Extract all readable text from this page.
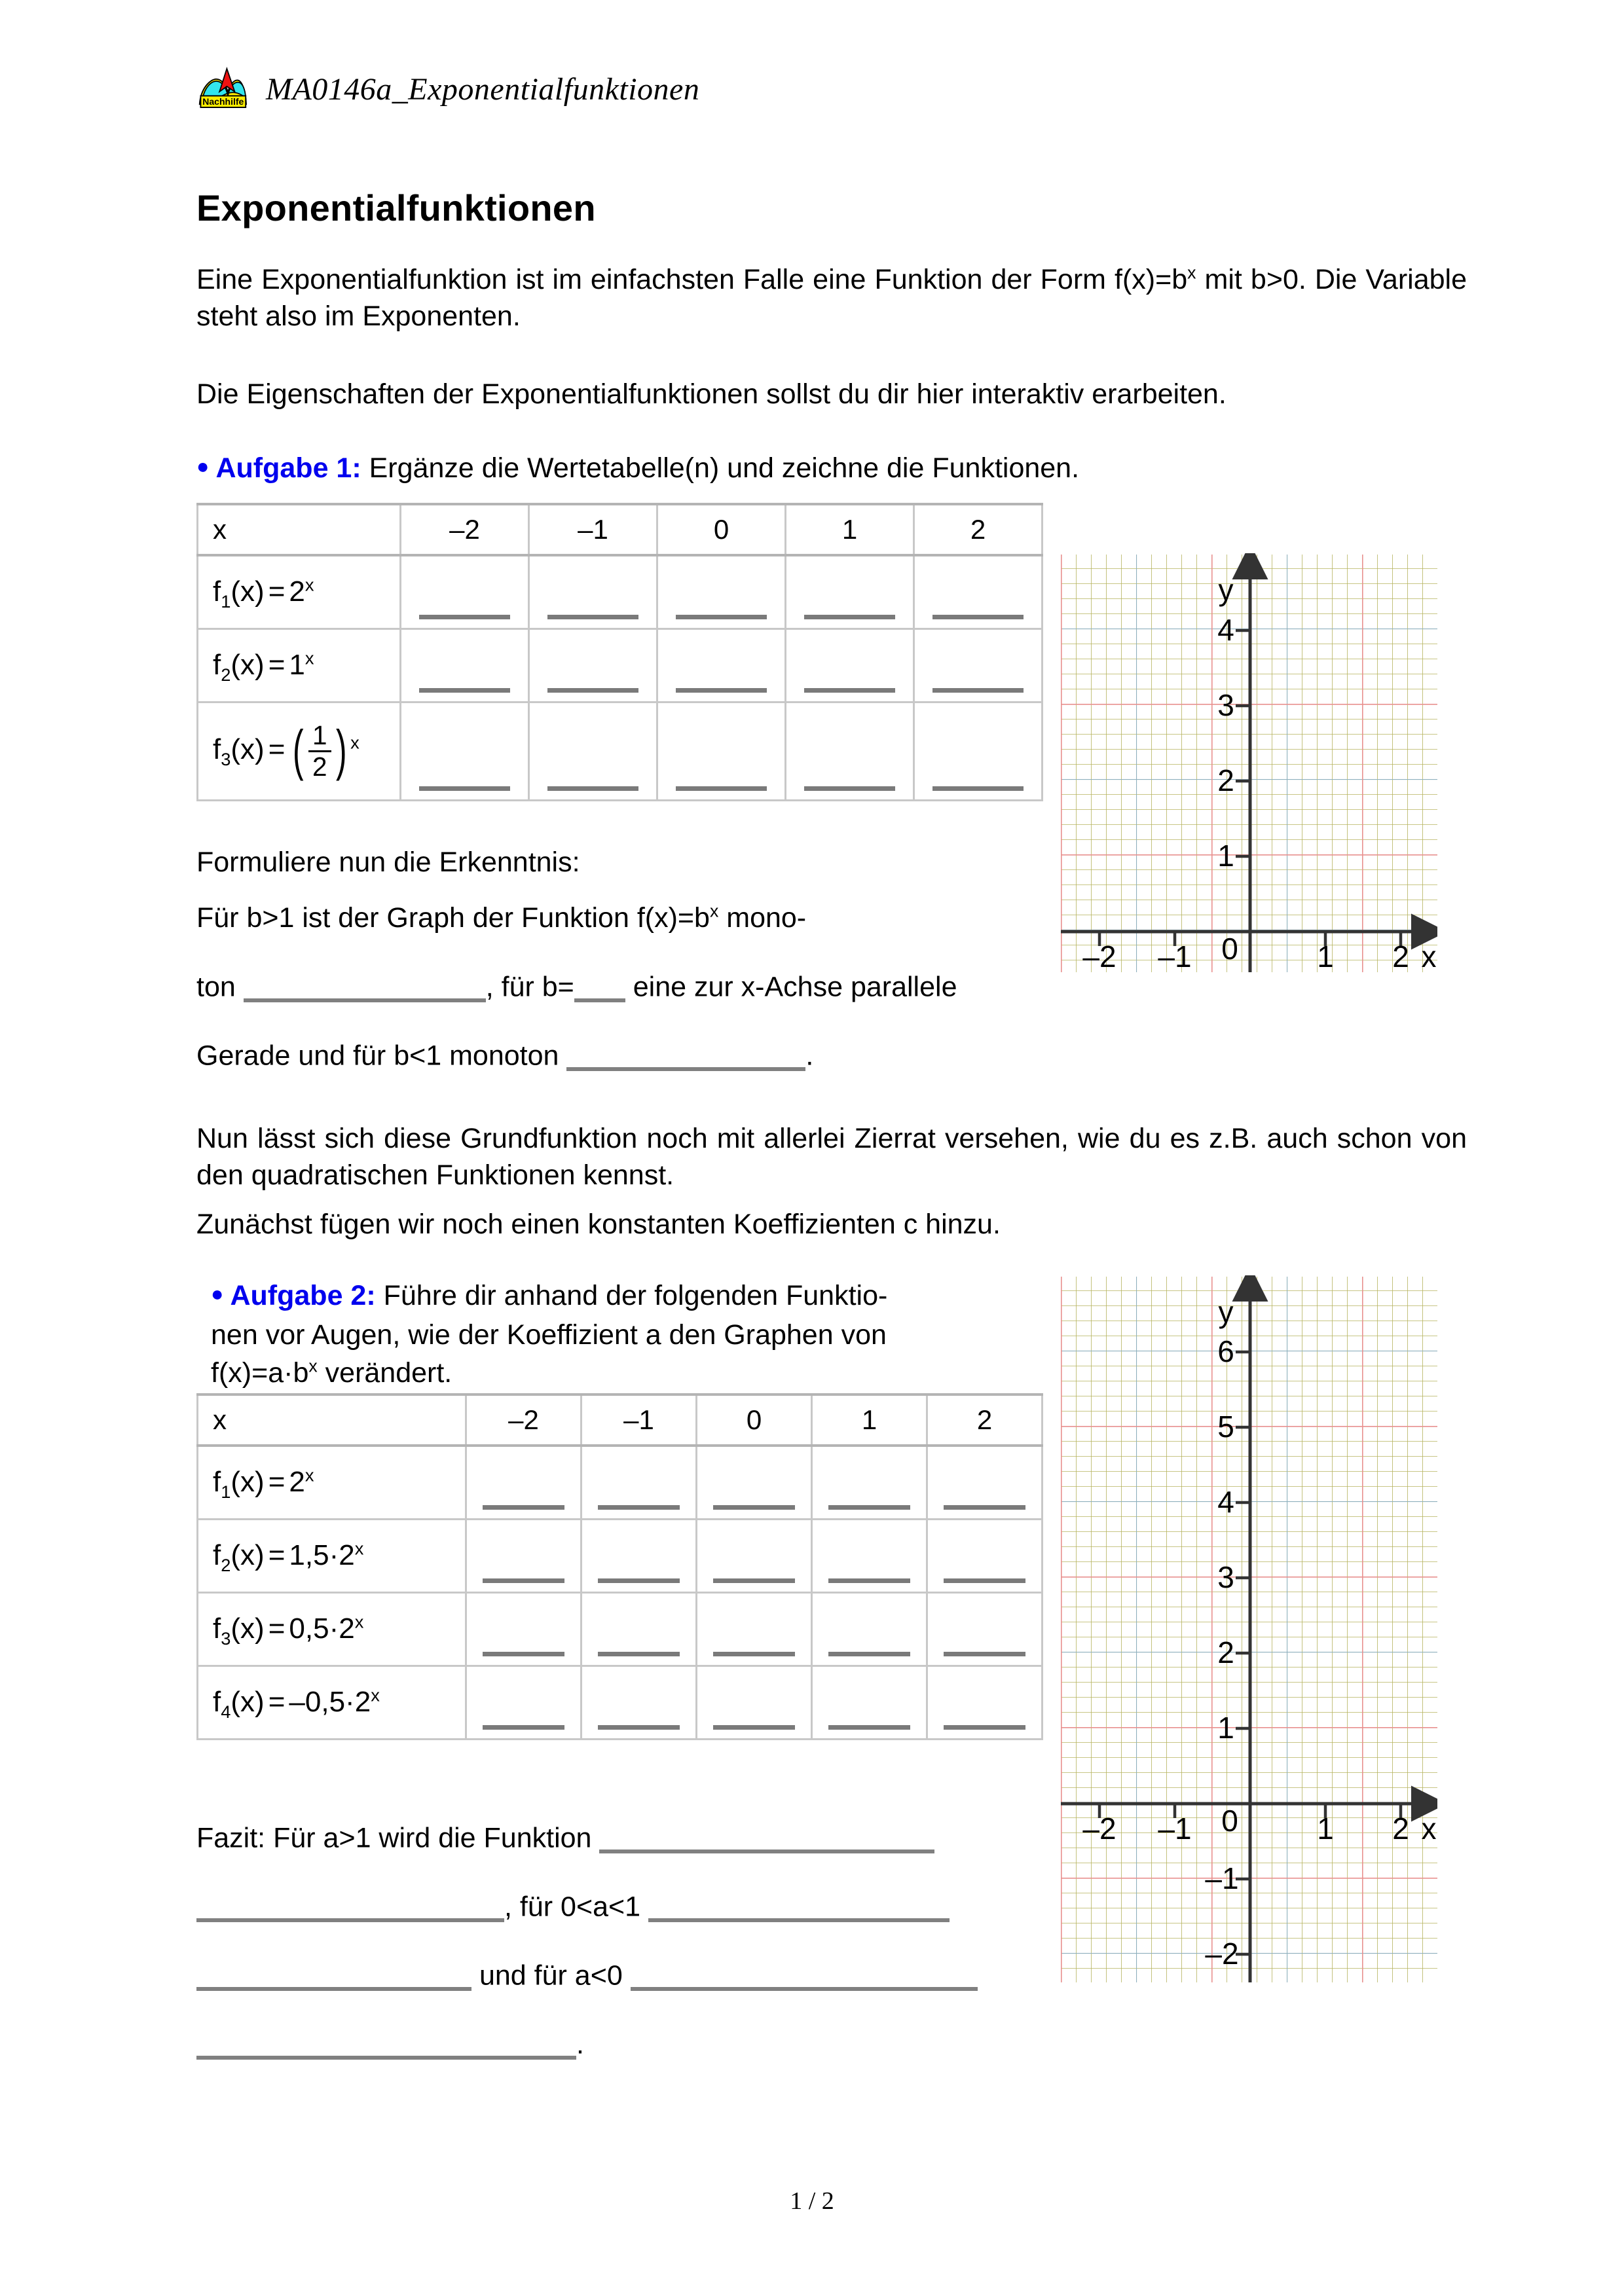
Nachhilfe MA0146a_Exponentialfunktionen
Exponentialfunktionen
Eine Exponentialfunktion ist im einfachsten Falle eine Funktion der Form $f(x)=b^x$ mit b>0. Die Variable steht also im Exponenten.
Die Eigenschaften der Exponentialfunktionen sollst du dir hier interaktiv erarbeiten.
● Aufgabe 1: Ergänze die Wertetabelle(n) und zeichne die Funktionen.
x	–2	–1	0	1	2
$f_1(x) = 2^x$	

$f_2(x) = 1^x$	

$f_3(x)$ = ( $\frac{1}{2}$ ) $^x$	

–2 –1 0	1 2 x
1
2
3
4
y
Formuliere nun die Erkenntnis:
Für b>1 ist der Graph der Funktion $f(x)=b^x$ mono-
ton	, für b= eine zur x-Achse parallele
Gerade und für b<1 monoton	.
Nun lässt sich diese Grundfunktion noch mit allerlei Zierrat versehen, wie du es z.B. auch schon von den quadratischen Funktionen kennst.
Zunächst fügen wir noch einen konstanten Koeffizienten c hinzu.
● Aufgabe 2: Führe dir anhand der folgenden Funktio-
nen vor Augen, wie der Koeffizient a den Graphen von
$f(x)=a\cdot b^x$ verändert.
x	–2	–1	0	1	2
$f_1(x) = 2^x$	

$f_2(x) = 1,5\cdot 2^x$	

$f_3(x) = 0,5\cdot 2^x$	

$f_4(x) = -0,5\cdot 2^x$	

–2 –1 0	1 2 x
–2
–1
1
2
3
4
5
6
y
Fazit: Für a>1 wird die Funktion
, für 0<a<1
und für a<0
.
1 / 2
